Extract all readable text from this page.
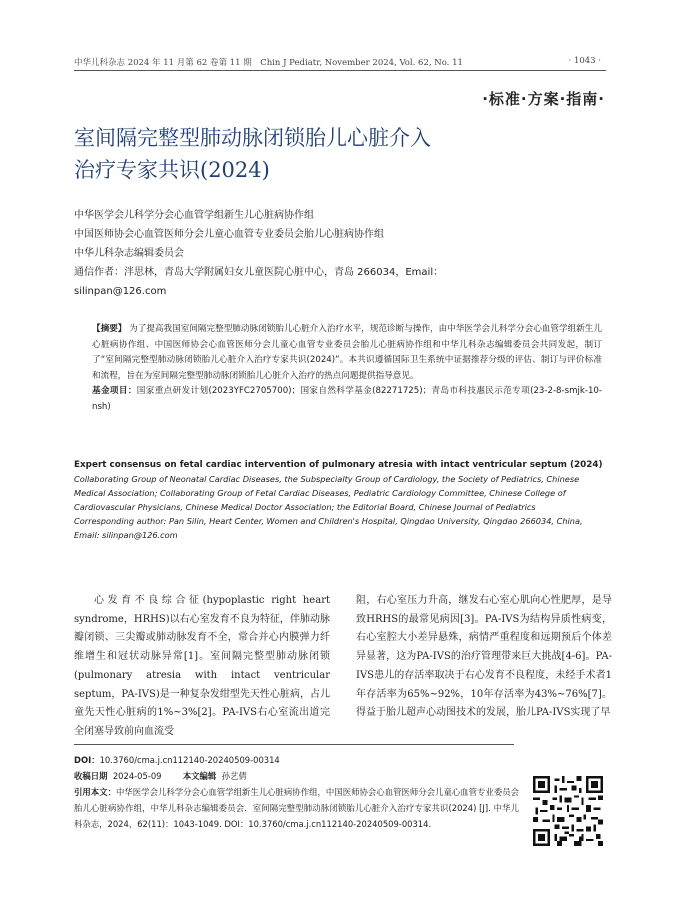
中华儿科杂志 2024 年 11 月第 62 卷第 11 期　Chin J Pediatr, November 2024, Vol. 62, No. 11	· 1043 ·
·标准·方案·指南·
室间隔完整型肺动脉闭锁胎儿心脏介入
治疗专家共识(2024)
中华医学会儿科学分会心血管学组新生儿心脏病协作组
中国医师协会心血管医师分会儿童心血管专业委员会胎儿心脏病协作组
中华儿科杂志编辑委员会
通信作者：泮思林，青岛大学附属妇女儿童医院心脏中心，青岛 266034，Email：
silinpan@126.com
【摘要】 为了提高我国室间隔完整型肺动脉闭锁胎儿心脏介入治疗水平，规范诊断与操作，由中华医学会儿科学分会心血管学组新生儿心脏病协作组、中国医师协会心血管医师分会儿童心血管专业委员会胎儿心脏病协作组和中华儿科杂志编辑委员会共同发起，制订了“室间隔完整型肺动脉闭锁胎儿心脏介入治疗专家共识(2024)”。本共识遵循国际卫生系统中证据推荐分级的评估、制订与评价标准和流程，旨在为室间隔完整型肺动脉闭锁胎儿心脏介入治疗的热点问题提供指导意见。
基金项目：国家重点研发计划(2023YFC2705700)；国家自然科学基金(82271725)；青岛市科技惠民示范专项(23-2-8-smjk-10-nsh)
Expert consensus on fetal cardiac intervention of pulmonary atresia with intact ventricular septum (2024)
Collaborating Group of Neonatal Cardiac Diseases, the Subspecialty Group of Cardiology, the Society of Pediatrics, Chinese Medical Association; Collaborating Group of Fetal Cardiac Diseases, Pediatric Cardiology Committee, Chinese College of Cardiovascular Physicians, Chinese Medical Doctor Association; the Editorial Board, Chinese Journal of Pediatrics
Corresponding author: Pan Silin, Heart Center, Women and Children's Hospital, Qingdao University, Qingdao 266034, China, Email: silinpan@126.com

心发育不良综合征(hypoplastic right heart syndrome，HRHS)以右心室发育不良为特征，伴肺动脉瓣闭锁、三尖瓣或肺动脉发育不全，常合并心内膜弹力纤维增生和冠状动脉异常[1]。室间隔完整型肺动脉闭锁(pulmonary atresia with intact ventricular septum，PA-IVS)是一种复杂发绀型先天性心脏病，占儿童先天性心脏病的1%~3%[2]。PA-IVS右心室流出道完全闭塞导致前向血流受

阻，右心室压力升高，继发右心室心肌向心性肥厚，是导致HRHS的最常见病因[3]。PA-IVS为结构异质性病变，右心室腔大小差异悬殊，病情严重程度和远期预后个体差异显著，这为PA-IVS的治疗管理带来巨大挑战[4-6]。PA-IVS患儿的存活率取决于右心发育不良程度，未经手术者1年存活率为65%~92%，10年存活率为43%~76%[7]。得益于胎儿超声心动图技术的发展，胎儿PA-IVS实现了早

DOI：10.3760/cma.j.cn112140-20240509-00314
收稿日期 2024-05-09	本文编辑 孙艺倩
引用本文：中华医学会儿科学分会心血管学组新生儿心脏病协作组，中国医师协会心血管医师分会儿童心血管专业委员会胎儿心脏病协作组，中华儿科杂志编辑委员会．室间隔完整型肺动脉闭锁胎儿心脏介入治疗专家共识(2024) [J]. 中华儿科杂志，2024，62(11)：1043-1049. DOI：10.3760/cma.j.cn112140-20240509-00314.
